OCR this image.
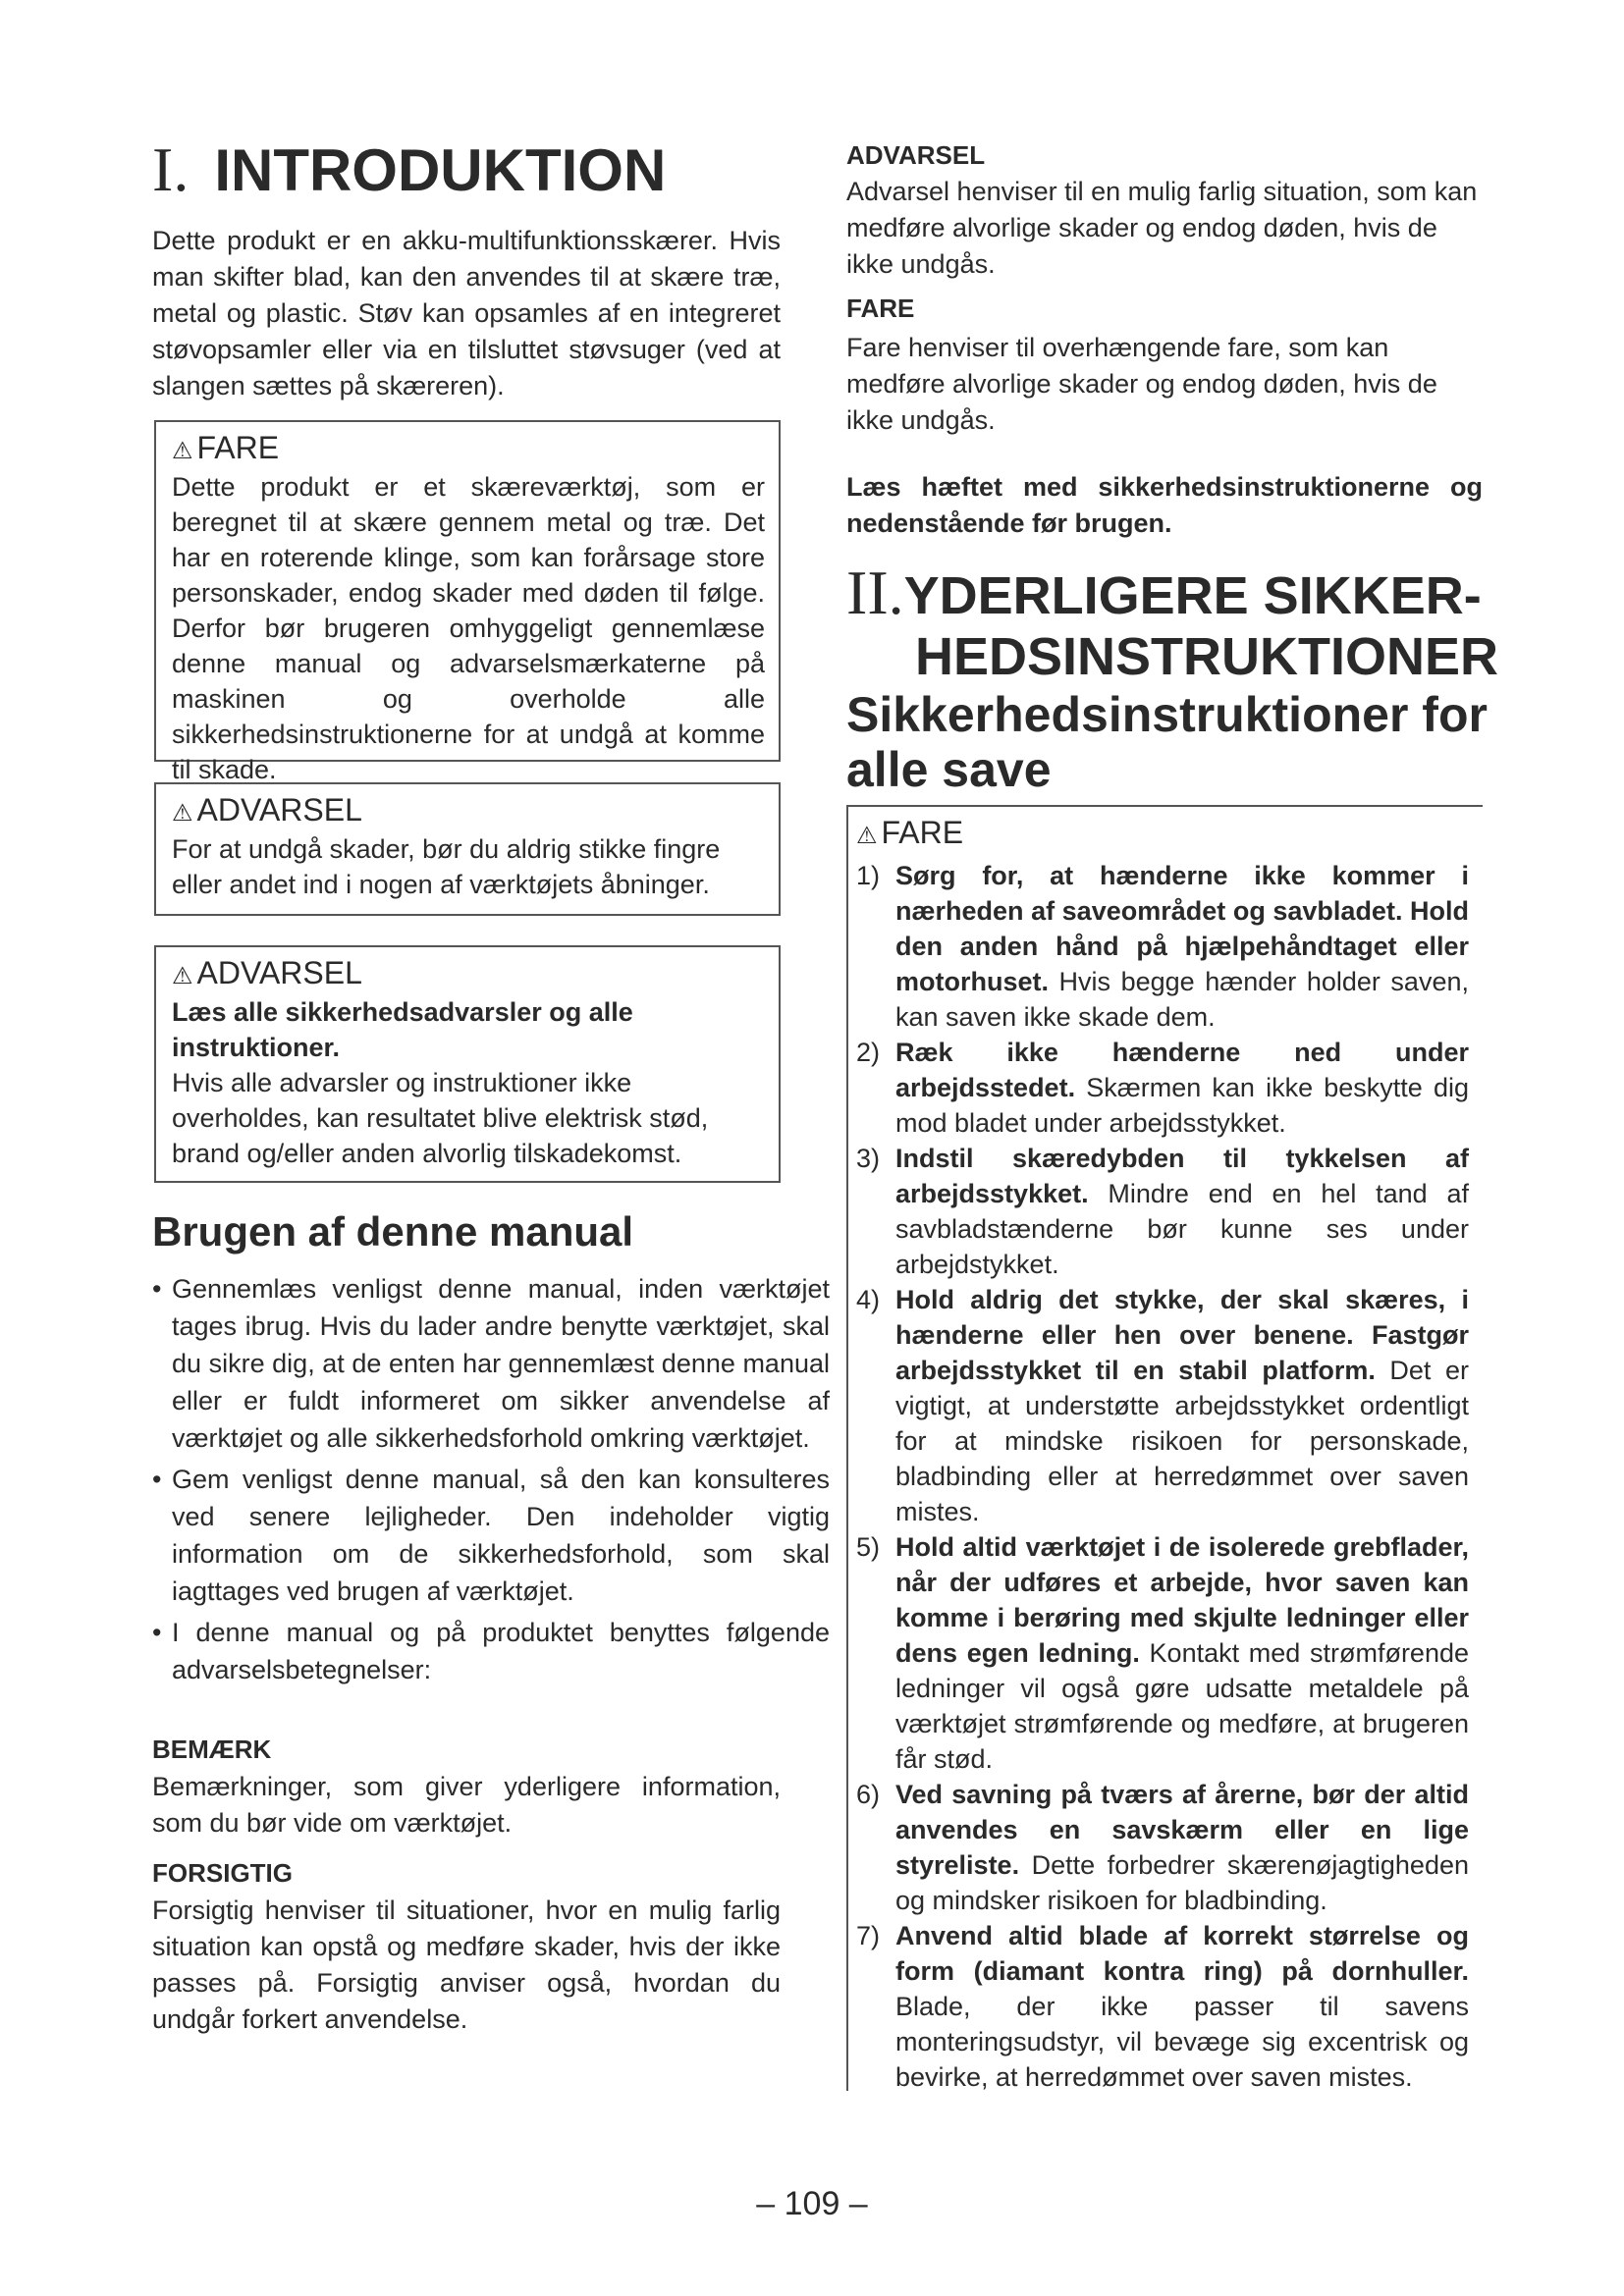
I. INTRODUKTION

Dette produkt er en akku-multifunktionsskærer. Hvis man skifter blad, kan den anvendes til at skære træ, metal og plastic. Støv kan opsamles af en integreret støvopsamler eller via en tilsluttet støvsuger (ved at slangen sættes på skæreren).

⚠ FARE

Dette produkt er et skæreværktøj, som er beregnet til at skære gennem metal og træ. Det har en roterende klinge, som kan forårsage store personskader, endog skader med døden til følge. Derfor bør brugeren omhyggeligt gennemlæse denne manual og advarselsmærkaterne på maskinen og overholde alle sikkerhedsinstruktionerne for at undgå at komme til skade.

⚠ ADVARSEL

For at undgå skader, bør du aldrig stikke fingre eller andet ind i nogen af værktøjets åbninger.

⚠ ADVARSEL

Læs alle sikkerhedsadvarsler og alle instruktioner.

Hvis alle advarsler og instruktioner ikke overholdes, kan resultatet blive elektrisk stød, brand og/eller anden alvorlig tilskadekomst.

Brugen af denne manual
• Gennemlæs venligst denne manual, inden værktøjet tages ibrug. Hvis du lader andre benytte værktøjet, skal du sikre dig, at de enten har gennemlæst denne manual eller er fuldt informeret om sikker anvendelse af værktøjet og alle sikkerhedsforhold omkring værktøjet.
• Gem venligst denne manual, så den kan konsulteres ved senere lejligheder. Den indeholder vigtig information om de sikkerhedsforhold, som skal iagttages ved brugen af værktøjet.
• I denne manual og på produktet benyttes følgende advarselsbetegnelser:
BEMÆRK

Bemærkninger, som giver yderligere information, som du bør vide om værktøjet.

FORSIGTIG

Forsigtig henviser til situationer, hvor en mulig farlig situation kan opstå og medføre skader, hvis der ikke passes på. Forsigtig anviser også, hvordan du undgår forkert anvendelse.

ADVARSEL

Advarsel henviser til en mulig farlig situation, som kan medføre alvorlige skader og endog døden, hvis de ikke undgås.

FARE

Fare henviser til overhængende fare, som kan medføre alvorlige skader og endog døden, hvis de ikke undgås.

Læs hæftet med sikkerhedsinstruktionerne og nedenstående før brugen.

II.YDERLIGERE SIKKER-
HEDSINSTRUKTIONER
Sikkerhedsinstruktioner for alle save
⚠ FARE
1) Sørg for, at hænderne ikke kommer i nærheden af saveområdet og savbladet. Hold den anden hånd på hjælpehåndtaget eller motorhuset. Hvis begge hænder holder saven, kan saven ikke skade dem.
2) Ræk ikke hænderne ned under arbejdsstedet. Skærmen kan ikke beskytte dig mod bladet under arbejdsstykket.
3) Indstil skæredybden til tykkelsen af arbejdsstykket. Mindre end en hel tand af savbladstænderne bør kunne ses under arbejdstykket.
4) Hold aldrig det stykke, der skal skæres, i hænderne eller hen over benene. Fastgør arbejdsstykket til en stabil platform. Det er vigtigt, at understøtte arbejdsstykket ordentligt for at mindske risikoen for personskade, bladbinding eller at herredømmet over saven mistes.
5) Hold altid værktøjet i de isolerede grebflader, når der udføres et arbejde, hvor saven kan komme i berøring med skjulte ledninger eller dens egen ledning. Kontakt med strømførende ledninger vil også gøre udsatte metaldele på værktøjet strømførende og medføre, at brugeren får stød.
6) Ved savning på tværs af årerne, bør der altid anvendes en savskærm eller en lige styreliste. Dette forbedrer skærenøjagtigheden og mindsker risikoen for bladbinding.
7) Anvend altid blade af korrekt størrelse og form (diamant kontra ring) på dornhuller. Blade, der ikke passer til savens monteringsudstyr, vil bevæge sig excentrisk og bevirke, at herredømmet over saven mistes.
– 109 –
